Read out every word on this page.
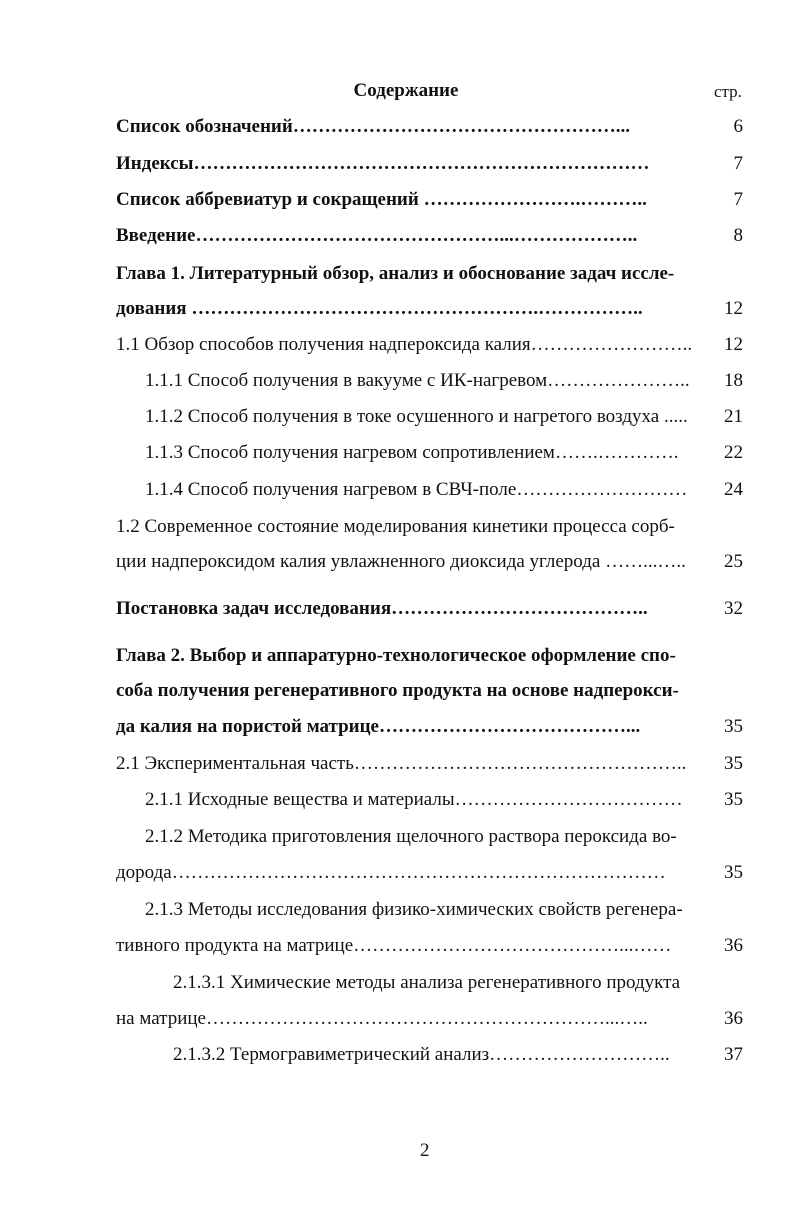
Содержание	стр.
Список обозначений……………………………………………...	6
Индексы………………………………………………………………	7
Список аббревиатур и сокращений …………………….………..	7
Введение…………………………………………...………………..	8
Глава 1. Литературный обзор, анализ и обоснование задач иссле-
дования ……………………………………………….……………..	12
1.1 Обзор способов получения надпероксида калия……………………..	12
1.1.1 Способ получения в вакууме с ИК-нагревом…………………..	18
1.1.2 Способ получения в токе осушенного и нагретого воздуха .....	21
1.1.3 Способ получения нагревом сопротивлением…….………….	22
1.1.4 Способ получения нагревом в СВЧ-поле………………………	24
1.2 Современное состояние моделирования кинетики процесса сорб-
ции надпероксидом калия увлажненного диоксида углерода ……...…..	25
Постановка задач исследования…………………………………..	32
Глава 2. Выбор и аппаратурно-технологическое оформление спо-
соба получения регенеративного продукта на основе надперокси-
да калия на пористой матрице…………………………………...	35
2.1 Экспериментальная часть……………………………………………..	35
2.1.1 Исходные вещества и материалы………………………………	35
2.1.2 Методика приготовления щелочного раствора пероксида во-
дорода……………………………………………………………………	35
2.1.3 Методы исследования физико-химических свойств регенера-
тивного продукта на матрице……………………………………...……	36
2.1.3.1 Химические методы анализа регенеративного продукта
на матрице………………………………………………………...…..	36
2.1.3.2 Термогравиметрический анализ………………………..	37
2
